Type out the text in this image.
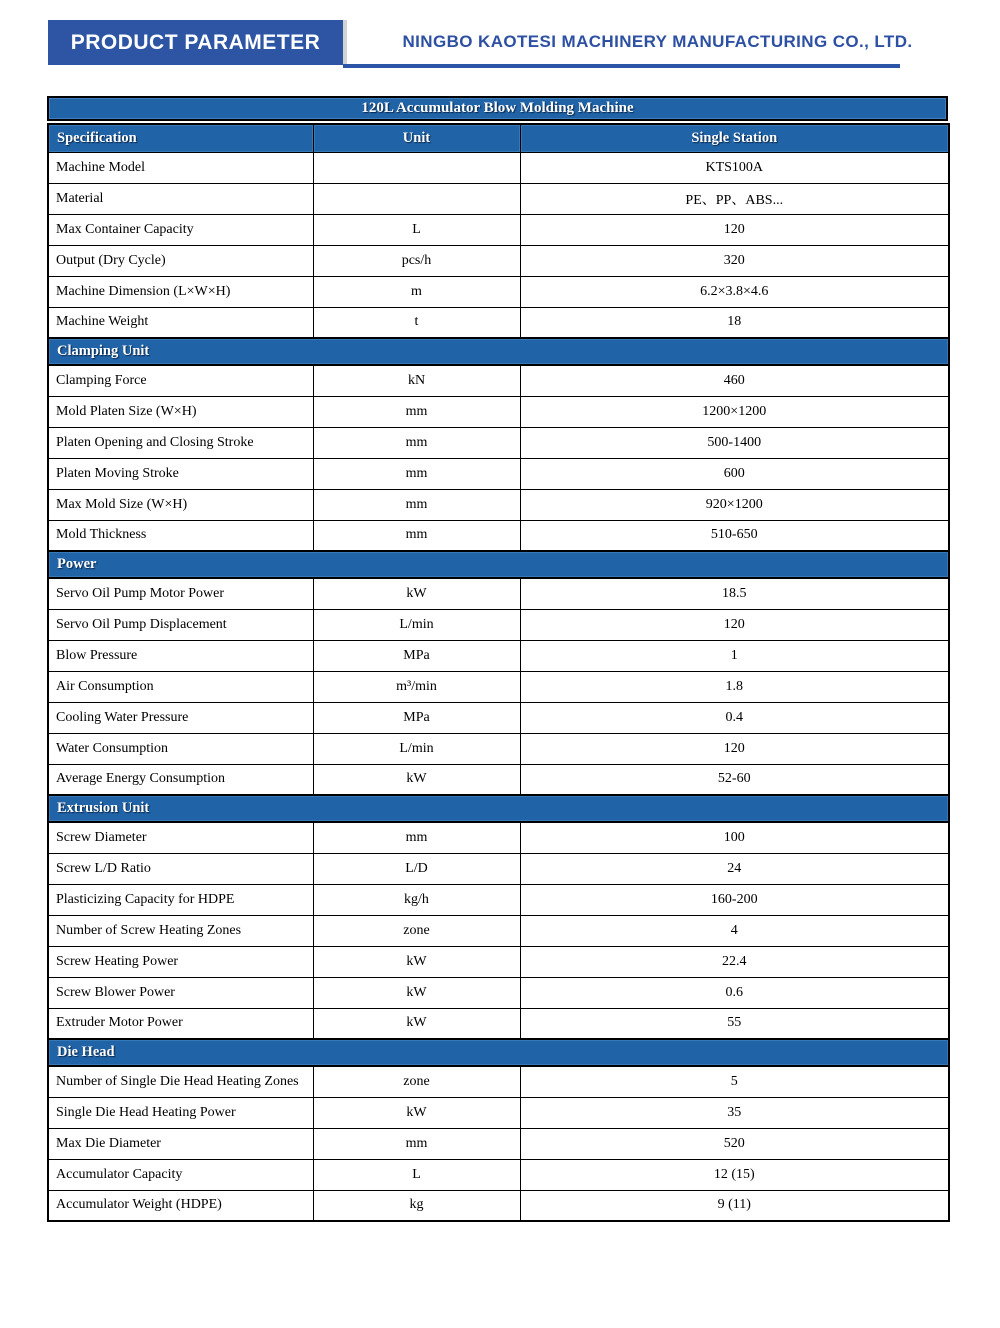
PRODUCT PARAMETER	NINGBO KAOTESI MACHINERY MANUFACTURING CO., LTD.
120L Accumulator Blow Molding Machine
Specification	Unit	Single Station
Machine Model		KTS100A
Material		PE、PP、ABS...
Max Container Capacity	L	120
Output (Dry Cycle)	pcs/h	320
Machine Dimension (L×W×H)	m	6.2×3.8×4.6
Machine Weight	t	18
Clamping Unit		
Clamping Force	kN	460
Mold Platen Size (W×H)	mm	1200×1200
Platen Opening and Closing Stroke	mm	500-1400
Platen Moving Stroke	mm	600
Max Mold Size (W×H)	mm	920×1200
Mold Thickness	mm	510-650
Power		
Servo Oil Pump Motor Power	kW	18.5
Servo Oil Pump Displacement	L/min	120
Blow Pressure	MPa	1
Air Consumption	m³/min	1.8
Cooling Water Pressure	MPa	0.4
Water Consumption	L/min	120
Average Energy Consumption	kW	52-60
Extrusion Unit		
Screw Diameter	mm	100
Screw L/D Ratio	L/D	24
Plasticizing Capacity for HDPE	kg/h	160-200
Number of Screw Heating Zones	zone	4
Screw Heating Power	kW	22.4
Screw Blower Power	kW	0.6
Extruder Motor Power	kW	55
Die Head		
Number of Single Die Head Heating Zones	zone	5
Single Die Head Heating Power	kW	35
Max Die Diameter	mm	520
Accumulator Capacity	L	12 (15)
Accumulator Weight (HDPE)	kg	9 (11)
